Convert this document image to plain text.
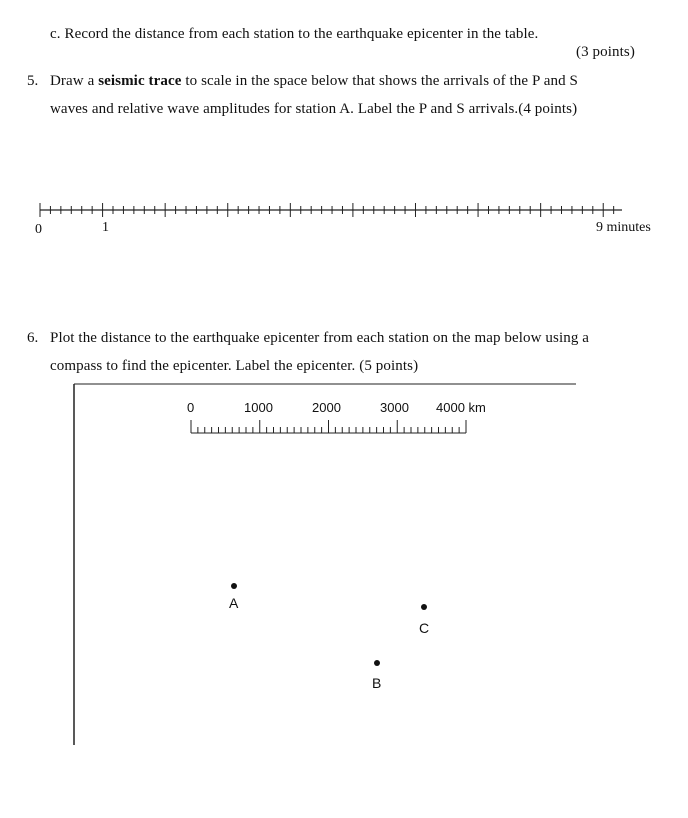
c. Record the distance from each station to the earthquake epicenter in the table.
(3 points)
5. Draw a seismic trace to scale in the space below that shows the arrivals of the P and S
waves and relative wave amplitudes for station A. Label the P and S arrivals.(4 points)
0	1	9 minutes
6. Plot the distance to the earthquake epicenter from each station on the map below using a
compass to find the epicenter. Label the epicenter. (5 points)
0	1000	2000	3000 4000 km
A
B
C
